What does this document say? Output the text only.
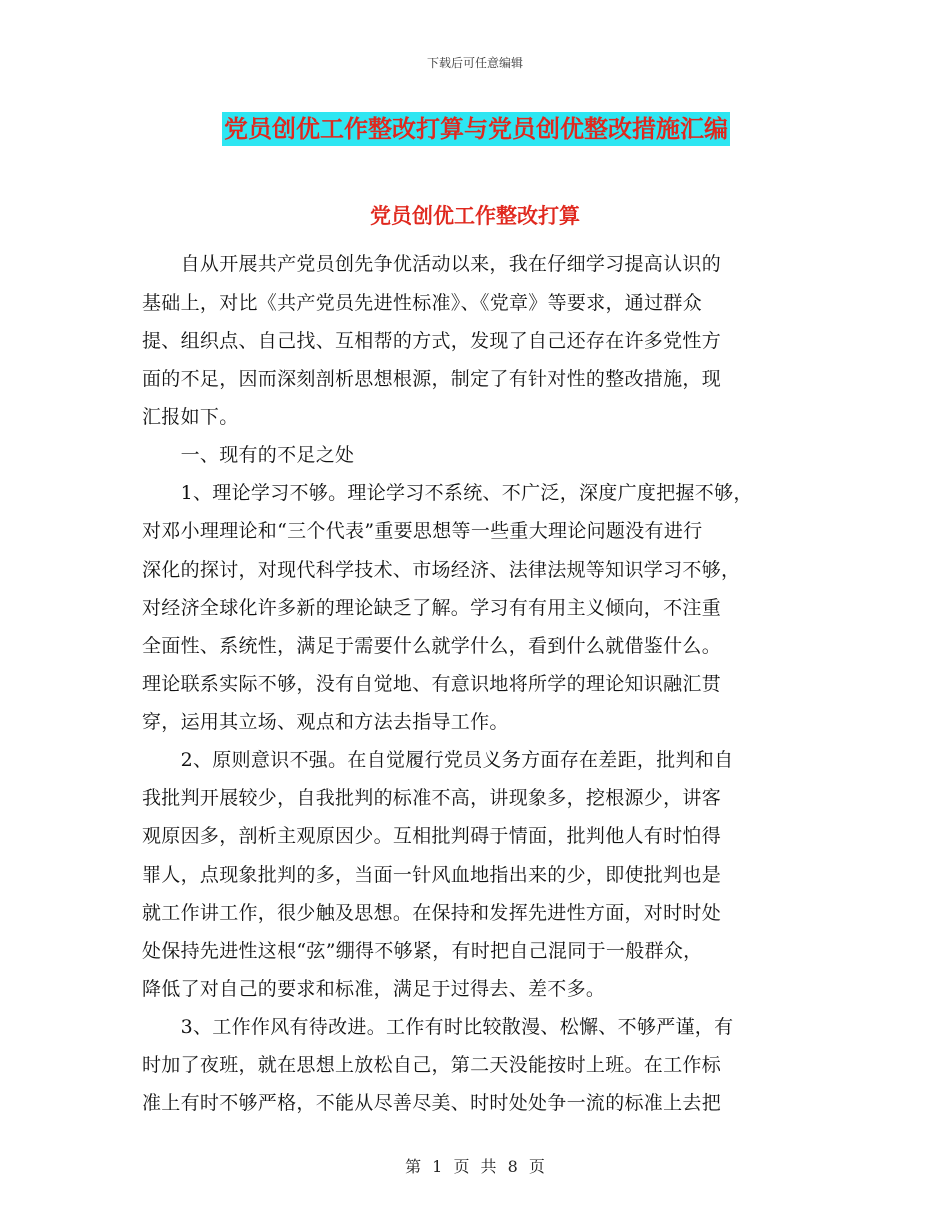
下载后可任意编辑
党员创优工作整改打算与党员创优整改措施汇编
党员创优工作整改打算
　　自从开展共产党员创先争优活动以来，我在仔细学习提高认识的
基础上，对比《共产党员先进性标准》、《党章》等要求，通过群众
提、组织点、自己找、互相帮的方式，发现了自己还存在许多党性方
面的不足，因而深刻剖析思想根源，制定了有针对性的整改措施，现
汇报如下。
　　一、现有的不足之处
　　1、理论学习不够。理论学习不系统、不广泛，深度广度把握不够，
对邓小理理论和“三个代表”重要思想等一些重大理论问题没有进行
深化的探讨，对现代科学技术、市场经济、法律法规等知识学习不够，
对经济全球化许多新的理论缺乏了解。学习有有用主义倾向，不注重
全面性、系统性，满足于需要什么就学什么，看到什么就借鉴什么。
理论联系实际不够，没有自觉地、有意识地将所学的理论知识融汇贯
穿，运用其立场、观点和方法去指导工作。
　　2、原则意识不强。在自觉履行党员义务方面存在差距，批判和自
我批判开展较少，自我批判的标准不高，讲现象多，挖根源少，讲客
观原因多，剖析主观原因少。互相批判碍于情面，批判他人有时怕得
罪人，点现象批判的多，当面一针风血地指出来的少，即使批判也是
就工作讲工作，很少触及思想。在保持和发挥先进性方面，对时时处
处保持先进性这根“弦”绷得不够紧，有时把自己混同于一般群众，
降低了对自己的要求和标准，满足于过得去、差不多。
　　3、工作作风有待改进。工作有时比较散漫、松懈、不够严谨，有
时加了夜班，就在思想上放松自己，第二天没能按时上班。在工作标
准上有时不够严格，不能从尽善尽美、时时处处争一流的标准上去把
第 1 页 共 8 页
